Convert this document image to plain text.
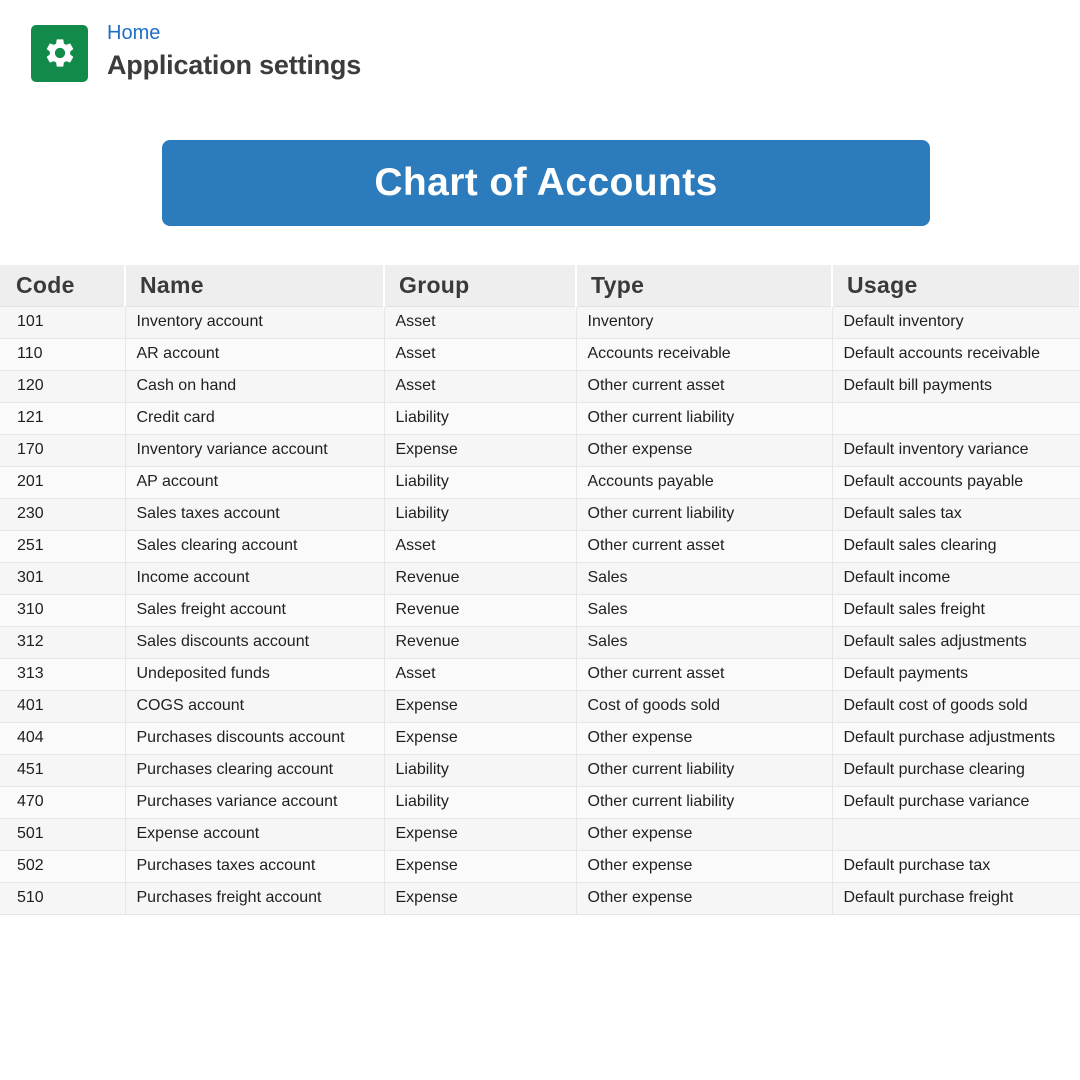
Home
Application settings
Chart of Accounts
Code	Name	Group	Type	Usage
101	Inventory account	Asset	Inventory	Default inventory
110	AR account	Asset	Accounts receivable	Default accounts receivable
120	Cash on hand	Asset	Other current asset	Default bill payments
121	Credit card	Liability	Other current liability	
170	Inventory variance account	Expense	Other expense	Default inventory variance
201	AP account	Liability	Accounts payable	Default accounts payable
230	Sales taxes account	Liability	Other current liability	Default sales tax
251	Sales clearing account	Asset	Other current asset	Default sales clearing
301	Income account	Revenue	Sales	Default income
310	Sales freight account	Revenue	Sales	Default sales freight
312	Sales discounts account	Revenue	Sales	Default sales adjustments
313	Undeposited funds	Asset	Other current asset	Default payments
401	COGS account	Expense	Cost of goods sold	Default cost of goods sold
404	Purchases discounts account	Expense	Other expense	Default purchase adjustments
451	Purchases clearing account	Liability	Other current liability	Default purchase clearing
470	Purchases variance account	Liability	Other current liability	Default purchase variance
501	Expense account	Expense	Other expense	
502	Purchases taxes account	Expense	Other expense	Default purchase tax
510	Purchases freight account	Expense	Other expense	Default purchase freight
